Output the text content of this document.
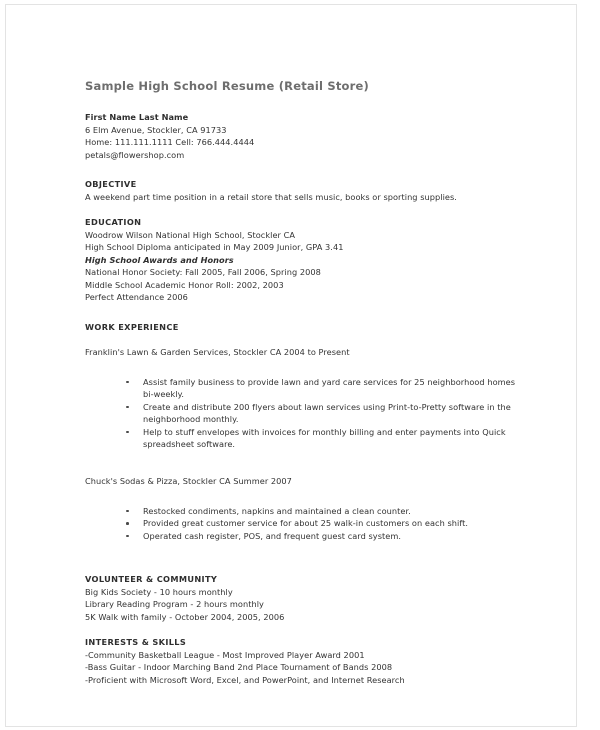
Sample High School Resume (Retail Store)
First Name Last Name
6 Elm Avenue, Stockler, CA 91733
Home: 111.111.1111 Cell: 766.444.4444
petals@flowershop.com
OBJECTIVE
A weekend part time position in a retail store that sells music, books or sporting supplies.
EDUCATION
Woodrow Wilson National High School, Stockler CA
High School Diploma anticipated in May 2009 Junior, GPA 3.41
High School Awards and Honors
National Honor Society: Fall 2005, Fall 2006, Spring 2008
Middle School Academic Honor Roll: 2002, 2003
Perfect Attendance 2006
WORK EXPERIENCE
Franklin's Lawn & Garden Services, Stockler CA 2004 to Present
Assist family business to provide lawn and yard care services for 25 neighborhood homes bi-weekly.
Create and distribute 200 flyers about lawn services using Print-to-Pretty software in the neighborhood monthly.
Help to stuff envelopes with invoices for monthly billing and enter payments into Quick spreadsheet software.
Chuck's Sodas & Pizza, Stockler CA Summer 2007
Restocked condiments, napkins and maintained a clean counter.
Provided great customer service for about 25 walk-in customers on each shift.
Operated cash register, POS, and frequent guest card system.
VOLUNTEER & COMMUNITY
Big Kids Society - 10 hours monthly
Library Reading Program - 2 hours monthly
5K Walk with family - October 2004, 2005, 2006
INTERESTS & SKILLS
-Community Basketball League - Most Improved Player Award 2001
-Bass Guitar - Indoor Marching Band 2nd Place Tournament of Bands 2008
-Proficient with Microsoft Word, Excel, and PowerPoint, and Internet Research
